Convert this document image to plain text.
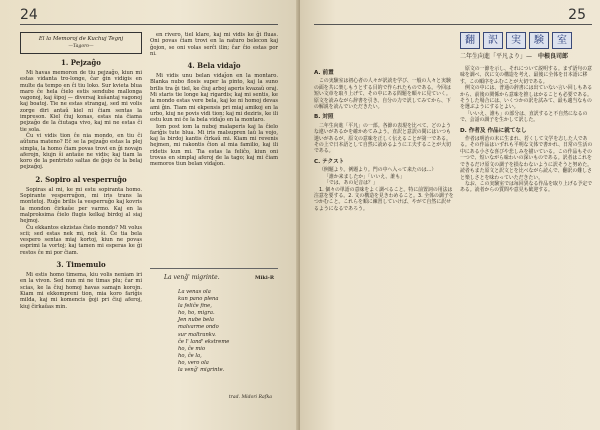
24
El la Memoroj de Kuchuj Tegnj
—Tagoro—
1. Pejzaĝo

Mi havas memoron de tiu pejzaĝo, kiun mi estas vidanta tro-longe, ĉar ĝin vidigis en multe da tempo en ĉi tiu loko. Sur kvieta blua maro ĉe hela ĉielo estis sendube mallonga vagonoj, kaj ŝipoj — diversaj kuŝantaj vagonoj kaj boatoj. Tie ne estas strangaj, sed mi volis zorge diri antaŭ kiel ni ĉiam sentas la impreson. Kiel ĉiuj konas, estas nia ĉiama pejzaĝo de la ĉiutaga vivo, kaj mi ne estas ĉi tie sola.

Ĉu vi vidis tion ĉe nia mondo, en tiu ĉi aŭtuna mateno? Eĉ se la pejzaĝo estas la plej simpla, la homo ĉiam povas trovi en ĝi novajn aferojn, kiujn ŝi antaŭe ne vidis; kaj tiam la koro de la pentristo saltas de ĝojo ĉe la belaj pejzaĝoj.

2. Sopiro al vesperruĝo

Sopiras al mi, ke mi estu sopiranta homo. Sopirante vesperruĝon, mi iris trans la montetoj. Ruĝe brilis la vesperruĝo kaj kovris la mondon ĉirkaŭe per varmo. Kaj en la malproksima ĉielo flugis kelkaj birdoj al siaj hejmoj.

Ĉu ekkantos ekzistas ĉielo mondo? Mi volus scii; sed estas nek mi, nek ŝi. Ĉe tia bela vespero sentas miaj kortoj, kiun ne povas esprimi la vortoj; kaj tamen mi esperas ke ĝi restos ĉe mi por ĉiam.

3. Timemulo

Mi estis homo timema, kiu volis neniam iri en la vivon. Sed nun mi ne timas plu; ĉar mi scias, ke la ĉiuj homoj havas samajn korojn. Kiam mi ekkompreni tion, mia koro fariĝis milda, kaj mi komencis ĝoji pri ĉiuj aferoj, kiuj ĉirkaŭas min.

en rivero, tiel klare, kaj mi vidis ke ĝi fluas. Oni povas ĉiam trovi en la naturo belecon kaj ĝojon, se oni volas serĉi ilin; ĉar ĉio estas por ni.

4. Bela vidaĵo

Mi vidis unu belan vidaĵon en la montaro. Blanka nubo flosis super la pinto, kaj la suno brilis tra ĝi tiel, ke ĉiuj arboj aperis kvazaŭ oraj. Mi staris tie longe kaj rigardis; kaj mi sentis, ke la mondo estas vere bela, kaj ke ni homoj devas ami ĝin. Tiam mi ekpensis pri miaj amikoj en la urbo, kiuj ne povis vidi tion; kaj mi deziris, ke ili estu kun mi ĉe la bela vidaĵo en la montaro.

Iom post iom la nuboj malaperis kaj la ĉielo fariĝis tute blua. Mi iris malsupren laŭ la vojo, kaj la birdoj kantis ĉirkaŭ mi. Kiam mi revenis hejmen, mi rakontis ĉion al mia familio, kaj ili ridetis kun mi. Tia estas la feliĉo, kiun oni trovas en simplaj aferoj de la tago; kaj mi ĉiam memoros tiun belan vidaĵon.

La venĝ' migrinte.	Miki-R
La venas ola
kun pano plena
la feliĉe fine,
ho, ho, migra.
Jen nube bela
malvarme ondo
sur maltrankv.
ĉe l' land' ekstreme
ho, ĉe mio
ho, ĉe la,
ho, vero ola
la venĝ' migrinte.
trad. Midori Rafka
25
翻	訳	実	験	室
二年生向進「平凡より」— 中根良司郎
A. 前置

この実験室は初心者の人々が訳読を学び、一般の人々と実験の面を共に楽しもうとする目的で作られたものである。今回は短い文章を取り上げて、その中にある問題を順々に見ていく。原文を読みながら辞書を引き、自分の力で訳してみてから、下の解説を読んでいただきたい。

B. 対照

二年生向進「平凡」の一部。各節の表現を比べて、どのような違いがあるかを確かめてみよう。直訳と意訳の間にはいつも迷いがあるが、原文の意味を正しく伝えることが第一である。その上で日本語として自然に読めるように工夫することが大切である。

C. テクスト

（例題より。例題より。門の中へ入って来たのは…）

「誰か来ましたか」「いいえ、誰も」
「では、あの足音は？」

1. 個々の単語の意味をよく調べること。特に前置詞の用法は注意を要する。2. 文の構造を見きわめること。3. 全体の調子をつかむこと。これらを順に練習していけば、やがて自然に訳せるようになるであろう。

原文の一節を示し、それについて説明する。まず語句の意味を調べ、次に文の構造を考え、最後に全体を日本語に移す。この順序をふむことが大切である。

例文の中には、普通の辞書には出ていない言い回しもあるから、前後の関係から意味を推しはかることも必要である。そうした場合には、いくつかの訳を試みて、最も適当なものを選ぶようにするとよい。

「いいえ、誰も」の部分は、直訳すると不自然になるので、会話の調子を生かして訳した。

D. 作者及 作品に就てなし

作者は明治の末に生まれ、若くして文学を志した人である。その作品はいずれも平明な文体で書かれ、日常の生活の中にある小さな喜びや悲しみを描いている。この作品もその一つで、短いながら味わいの深いものである。訳者はこれをできるだけ原文の調子を損なわないように訳そうと努めた。読者もまた原文と訳文とを比べながら読んで、翻訳の難しさと楽しさとを味わっていただきたい。

なお、この実験室では毎回異なる作品を取り上げる予定である。読者からの質問や意見も歓迎する。
